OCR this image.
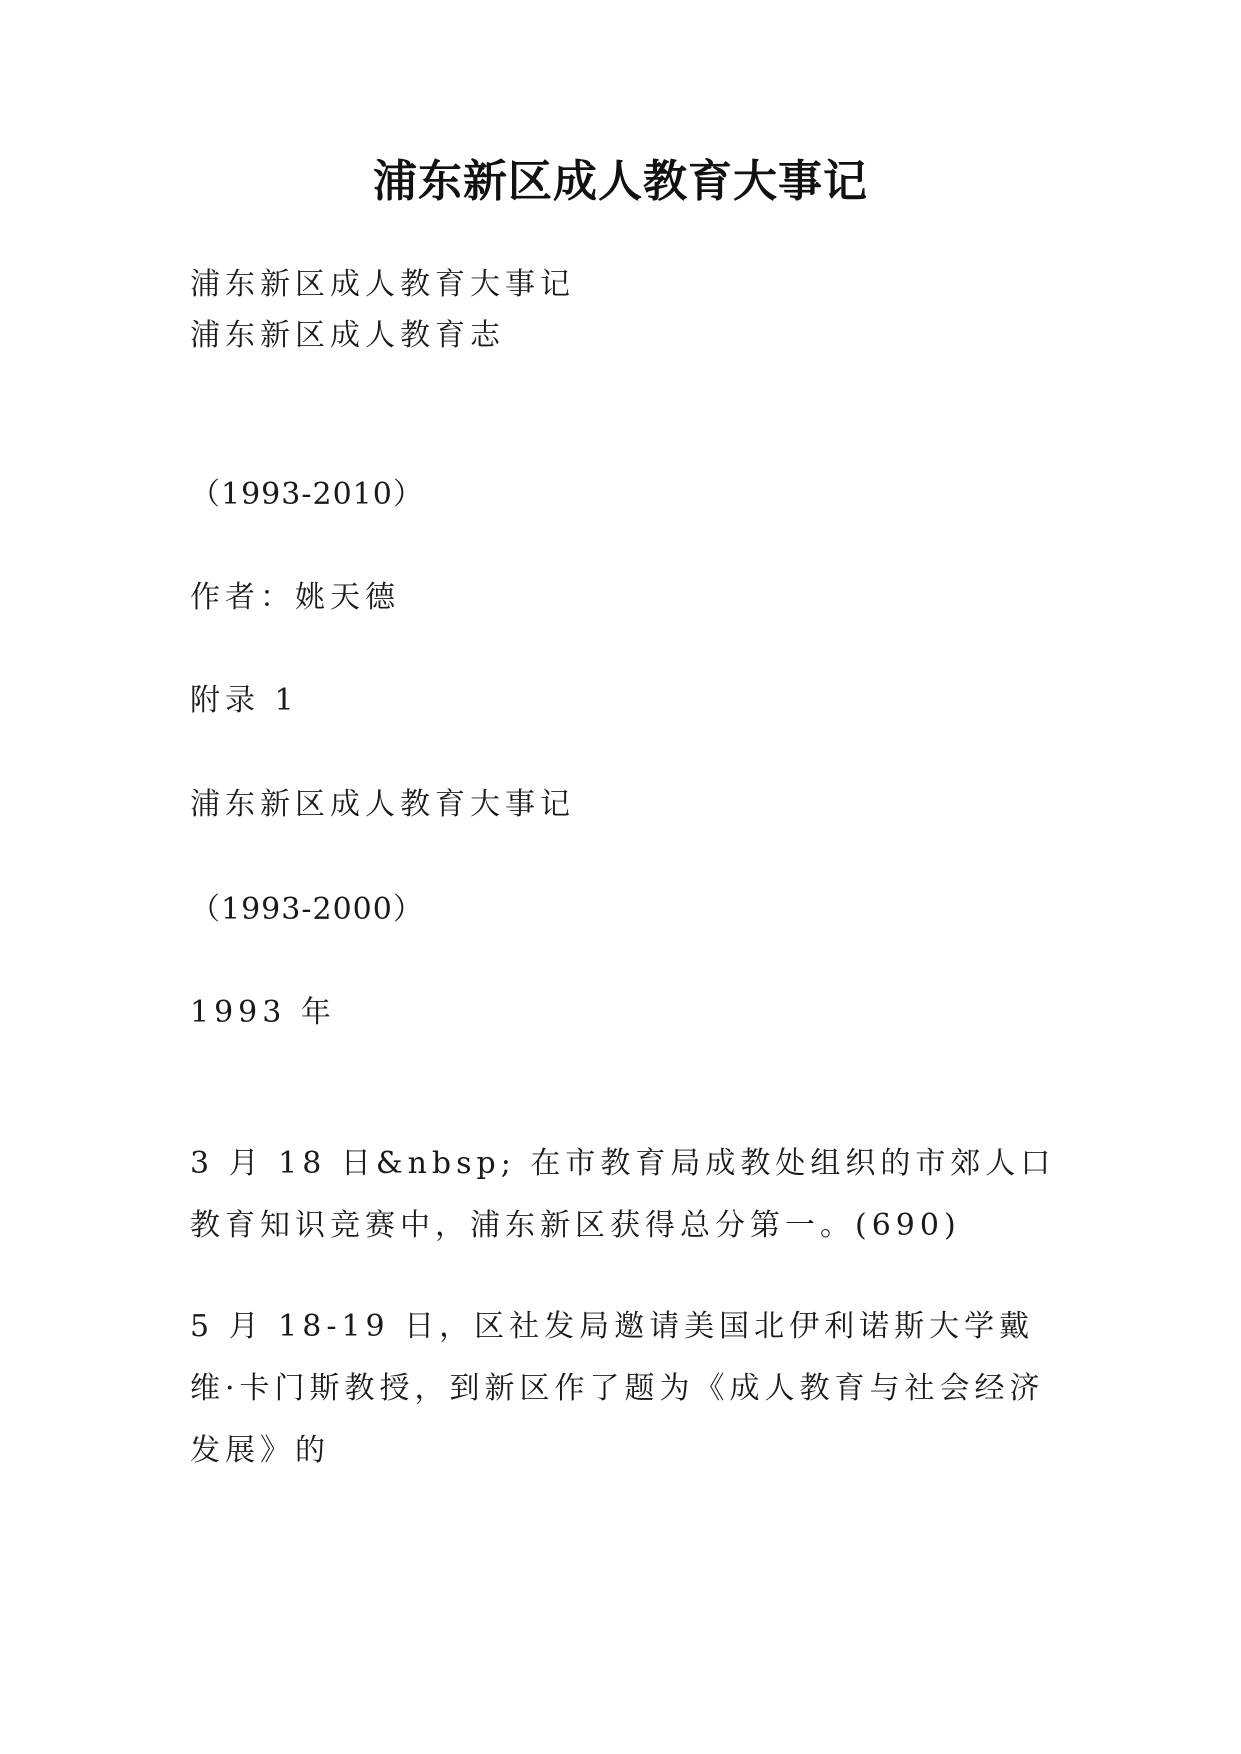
浦东新区成人教育大事记
浦东新区成人教育大事记
浦东新区成人教育志
（1993-2010）
作者：姚天德
附录 1
浦东新区成人教育大事记
（1993-2000）
1993 年
3 月 18 日&nbsp; 在市教育局成教处组织的市郊人口教育知识竞赛中，浦东新区获得总分第一。(690)
5 月 18-19 日，区社发局邀请美国北伊利诺斯大学戴维·卡门斯教授，到新区作了题为《成人教育与社会经济发展》的
